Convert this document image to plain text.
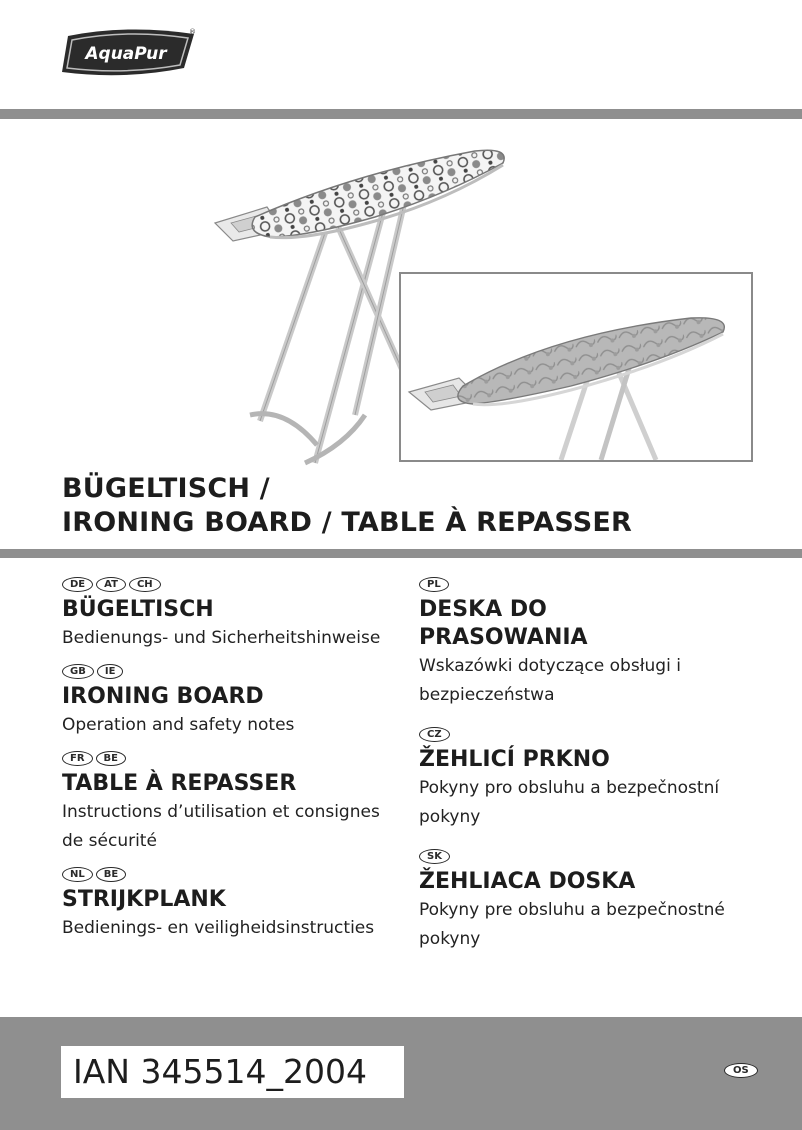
AquaPur
®
BÜGELTISCH /
IRONING BOARD / TABLE À REPASSER
DE	AT	CH
BÜGELTISCH
Bedienungs- und Sicherheitshinweise
GB	IE
IRONING BOARD
Operation and safety notes
FR	BE
TABLE À REPASSER
Instructions d’utilisation et consignes
de sécurité
NL	BE
STRIJKPLANK
Bedienings- en veiligheidsinstructies
PL
DESKA DO
PRASOWANIA
Wskazówki dotyczące obsługi i
bezpieczeństwa
CZ
ŽEHLICÍ PRKNO
Pokyny pro obsluhu a bezpečnostní
pokyny
SK
ŽEHLIACA DOSKA
Pokyny pre obsluhu a bezpečnostné
pokyny
IAN 345514_2004	OS
